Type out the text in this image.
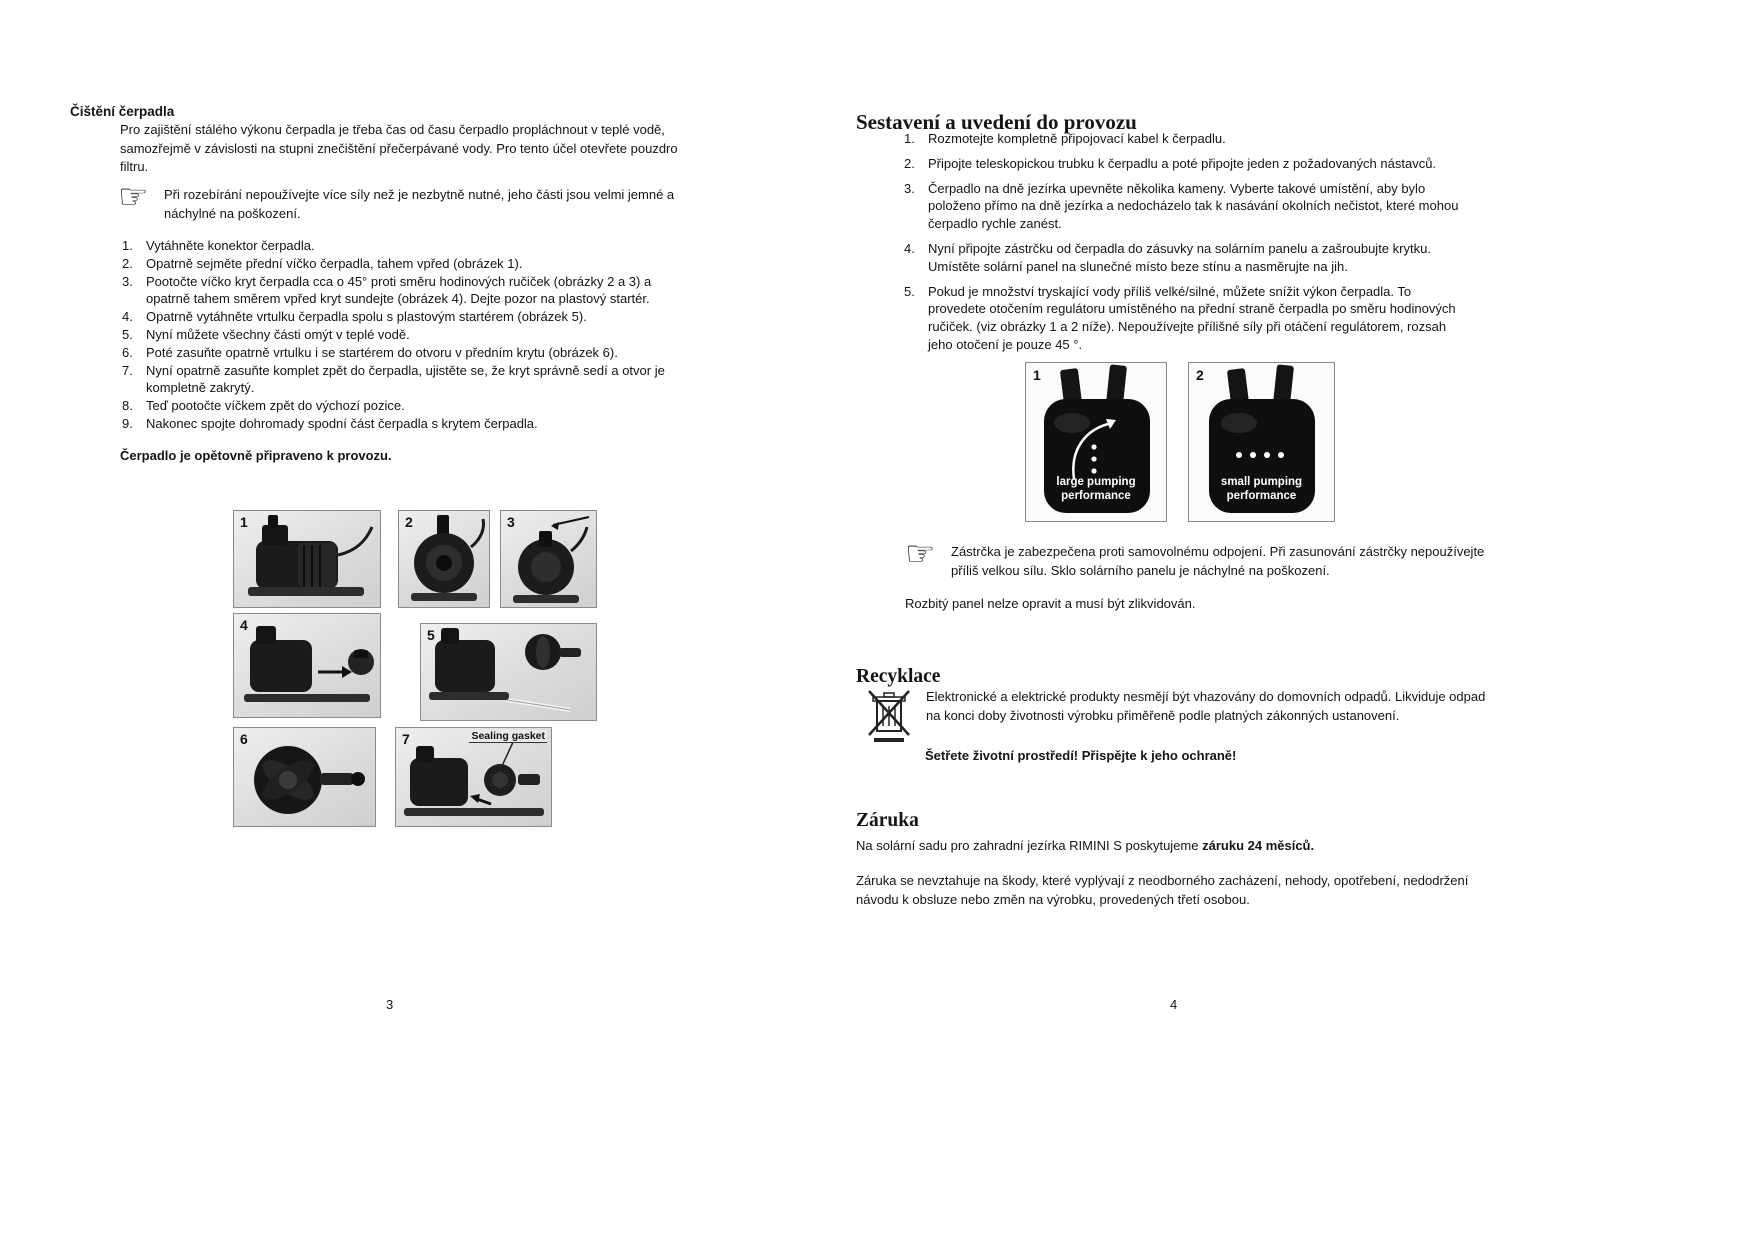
Čištění čerpadla

Pro zajištění stálého výkonu čerpadla je třeba čas od času čerpadlo propláchnout v teplé vodě, samozřejmě v závislosti na stupni znečištění přečerpávané vody. Pro tento účel otevřete pouzdro filtru.

☞	Při rozebírání nepoužívejte více síly než je nezbytně nutné, jeho části jsou velmi jemné a náchylné na poškození.
Vytáhněte konektor čerpadla.
Opatrně sejměte přední víčko čerpadla, tahem vpřed (obrázek 1).
Pootočte víčko kryt čerpadla cca o 45° proti směru hodinových ručiček (obrázky 2 a 3) a opatrně tahem směrem vpřed kryt sundejte (obrázek 4). Dejte pozor na plastový startér.
Opatrně vytáhněte vrtulku čerpadla spolu s plastovým startérem (obrázek 5).
Nyní můžete všechny části omýt v teplé vodě.
Poté zasuňte opatrně vrtulku i se startérem do otvoru v předním krytu (obrázek 6).
Nyní opatrně zasuňte komplet zpět do čerpadla, ujistěte se, že kryt správně sedí a otvor je kompletně zakrytý.
Teď pootočte víčkem zpět do výchozí pozice.
Nakonec spojte dohromady spodní část čerpadla s krytem čerpadla.

Čerpadlo je opětovně připraveno k provozu.

1	2	3
4
5
6	7	Sealing gasket

3

Sestavení a uvedení do provozu
Rozmotejte kompletně připojovací kabel k čerpadlu.
Připojte teleskopickou trubku k čerpadlu a poté připojte jeden z požadovaných nástavců.
Čerpadlo na dně jezírka upevněte několika kameny. Vyberte takové umístění, aby bylo položeno přímo na dně jezírka a nedocházelo tak k nasávání okolních nečistot, které mohou čerpadlo rychle zanést.
Nyní připojte zástrčku od čerpadla do zásuvky na solárním panelu a zašroubujte krytku. Umístěte solární panel na slunečné místo beze stínu a nasměrujte na jih.
Pokud je množství tryskající vody příliš velké/silné, můžete snížit výkon čerpadla. To provedete otočením regulátoru umístěného na přední straně čerpadla po směru hodinových ručiček. (viz obrázky 1 a 2 níže). Nepoužívejte přílišné síly při otáčení regulátorem, rozsah jeho otočení je pouze 45 °.
1
large pumping performance
2
small pumping performance
☞	Zástrčka je zabezpečena proti samovolnému odpojení. Při zasunování zástrčky nepoužívejte příliš velkou sílu. Sklo solárního panelu je náchylné na poškození.

Rozbitý panel nelze opravit a musí být zlikvidován.

Recyklace
Elektronické a elektrické produkty nesmějí být vhazovány do domovních odpadů. Likviduje odpad na konci doby životnosti výrobku přiměřeně podle platných zákonných ustanovení.

Šetřete životní prostředí! Přispějte k jeho ochraně!

Záruka

Na solární sadu pro zahradní jezírka RIMINI S poskytujeme záruku 24 měsíců.

Záruka se nevztahuje na škody, které vyplývají z neodborného zacházení, nehody, opotřebení, nedodržení návodu k obsluze nebo změn na výrobku, provedených třetí osobou.

4
